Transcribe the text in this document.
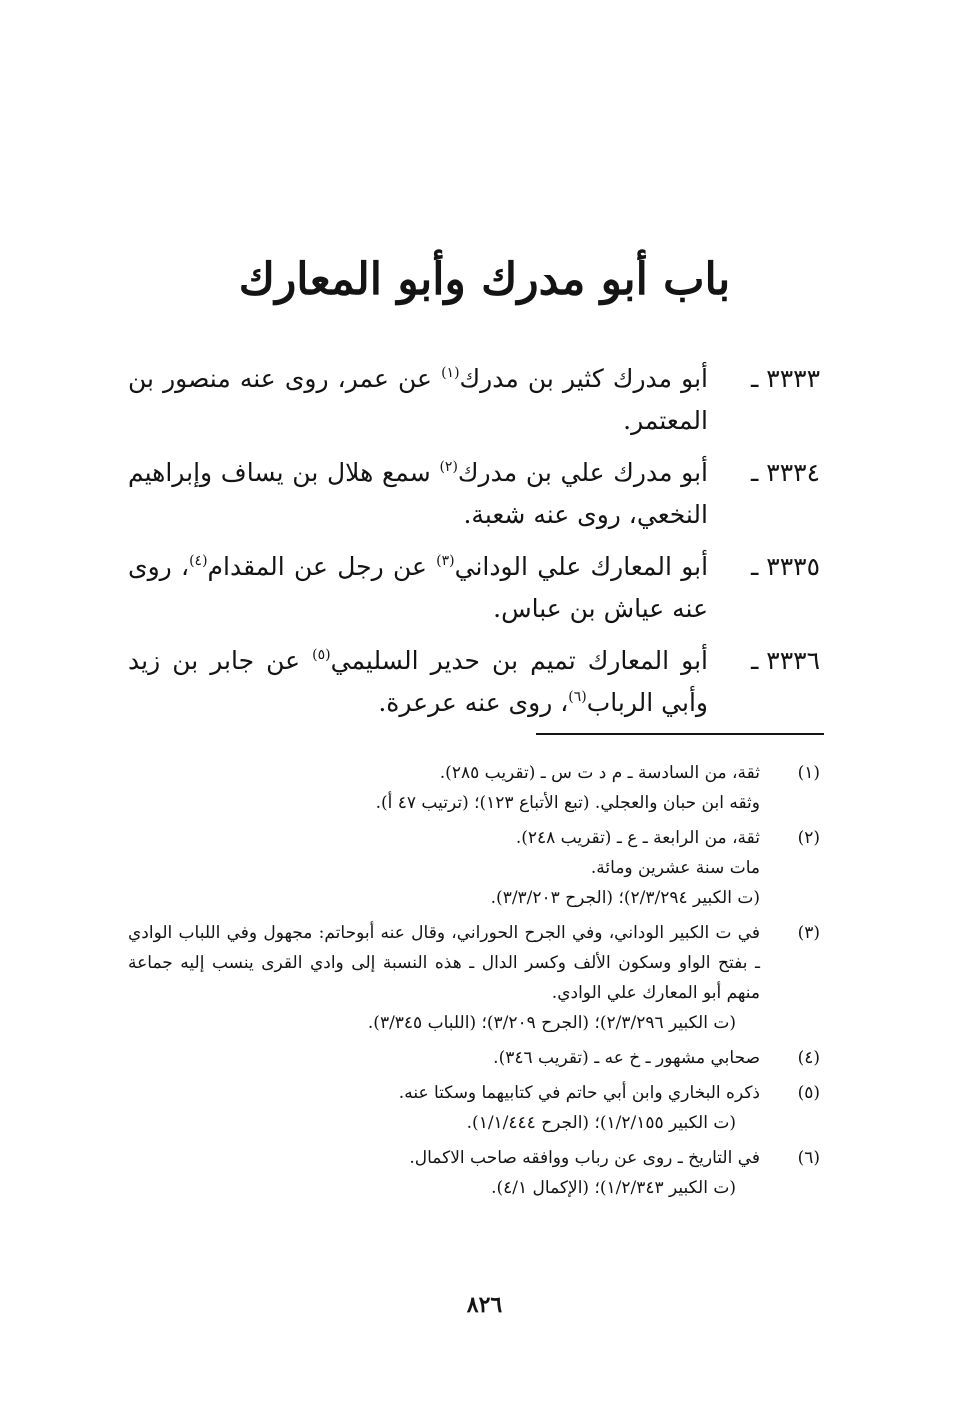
باب أبو مدرك وأبو المعارك
٣٣٣٣ ـ
أبو مدرك كثير بن مدرك$^{(١)}$ عن عمر، روى عنه منصور بن المعتمر.
٣٣٣٤ ـ
أبو مدرك علي بن مدرك$^{(٢)}$ سمع هلال بن يساف وإبراهيم النخعي، روى عنه شعبة.
٣٣٣٥ ـ
أبو المعارك علي الوداني$^{(٣)}$ عن رجل عن المقدام$^{(٤)}$، روى عنه عياش بن عباس.
٣٣٣٦ ـ
أبو المعارك تميم بن حدير السليمي$^{(٥)}$ عن جابر بن زيد وأبي الرباب$^{(٦)}$، روى عنه عرعرة.
(١)
ثقة، من السادسة ـ م د ت س ـ (تقريب ٢٨٥).
وثقه ابن حبان والعجلي. (تبع الأتباع ١٢٣)؛ (ترتيب ٤٧ أ).
(٢)
ثقة، من الرابعة ـ ع ـ (تقريب ٢٤٨).
مات سنة عشرين ومائة.
(ت الكبير ٢/٣/٢٩٤)؛ (الجرح ٣/٣/٢٠٣).
(٣)
في ت الكبير الوداني، وفي الجرح الحوراني، وقال عنه أبوحاتم: مجهول وفي اللباب الوادي
ـ بفتح الواو وسكون الألف وكسر الدال ـ هذه النسبة إلى وادي القرى ينسب إليه جماعة
منهم أبو المعارك علي الوادي.
(ت الكبير ٢/٣/٢٩٦)؛ (الجرح ٣/٢٠٩)؛ (اللباب ٣/٣٤٥).
(٤)
صحابي مشهور ـ خ عه ـ (تقريب ٣٤٦).
(٥)
ذكره البخاري وابن أبي حاتم في كتابيهما وسكتا عنه.
(ت الكبير ١/٢/١٥٥)؛ (الجرح ١/١/٤٤٤).
(٦)
في التاريخ ـ روى عن رباب ووافقه صاحب الاكمال.
(ت الكبير ١/٢/٣٤٣)؛ (الإكمال ٤/١).
٨٢٦
